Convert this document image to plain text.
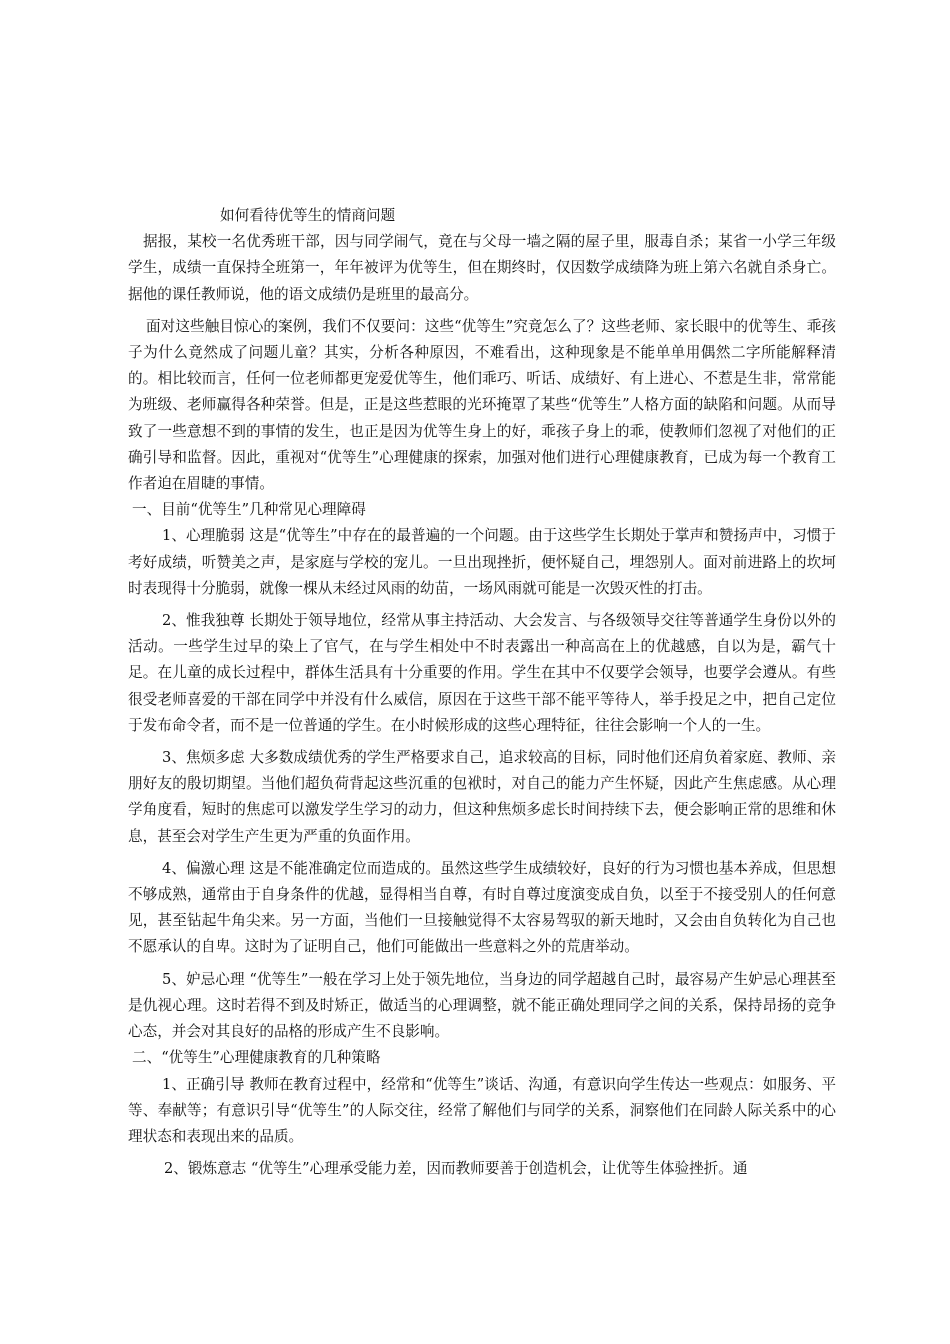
如何看待优等生的情商问题

据报，某校一名优秀班干部，因与同学闹气，竟在与父母一墙之隔的屋子里，服毒自杀；某省一小学三年级学生，成绩一直保持全班第一，年年被评为优等生，但在期终时，仅因数学成绩降为班上第六名就自杀身亡。据他的课任教师说，他的语文成绩仍是班里的最高分。

面对这些触目惊心的案例，我们不仅要问：这些“优等生”究竟怎么了？这些老师、家长眼中的优等生、乖孩子为什么竟然成了问题儿童？其实，分析各种原因，不难看出，这种现象是不能单单用偶然二字所能解释清的。相比较而言，任何一位老师都更宠爱优等生，他们乖巧、听话、成绩好、有上进心、不惹是生非，常常能为班级、老师赢得各种荣誉。但是，正是这些惹眼的光环掩罩了某些“优等生”人格方面的缺陷和问题。从而导致了一些意想不到的事情的发生，也正是因为优等生身上的好，乖孩子身上的乖，使教师们忽视了对他们的正确引导和监督。因此，重视对“优等生”心理健康的探索，加强对他们进行心理健康教育，已成为每一个教育工作者迫在眉睫的事情。

一、目前“优等生”几种常见心理障碍

1、心理脆弱 这是“优等生”中存在的最普遍的一个问题。由于这些学生长期处于掌声和赞扬声中，习惯于考好成绩，听赞美之声，是家庭与学校的宠儿。一旦出现挫折，便怀疑自己，埋怨别人。面对前进路上的坎坷时表现得十分脆弱，就像一棵从未经过风雨的幼苗，一场风雨就可能是一次毁灭性的打击。

2、惟我独尊 长期处于领导地位，经常从事主持活动、大会发言、与各级领导交往等普通学生身份以外的活动。一些学生过早的染上了官气，在与学生相处中不时表露出一种高高在上的优越感，自以为是，霸气十足。在儿童的成长过程中，群体生活具有十分重要的作用。学生在其中不仅要学会领导，也要学会遵从。有些很受老师喜爱的干部在同学中并没有什么威信，原因在于这些干部不能平等待人，举手投足之中，把自己定位于发布命令者，而不是一位普通的学生。在小时候形成的这些心理特征，往往会影响一个人的一生。

3、焦烦多虑 大多数成绩优秀的学生严格要求自己，追求较高的目标，同时他们还肩负着家庭、教师、亲朋好友的殷切期望。当他们超负荷背起这些沉重的包袱时，对自己的能力产生怀疑，因此产生焦虑感。从心理学角度看，短时的焦虑可以激发学生学习的动力，但这种焦烦多虑长时间持续下去，便会影响正常的思维和休息，甚至会对学生产生更为严重的负面作用。

4、偏激心理 这是不能准确定位而造成的。虽然这些学生成绩较好，良好的行为习惯也基本养成，但思想不够成熟，通常由于自身条件的优越，显得相当自尊，有时自尊过度演变成自负，以至于不接受别人的任何意见，甚至钻起牛角尖来。另一方面，当他们一旦接触觉得不太容易驾驭的新天地时，又会由自负转化为自己也不愿承认的自卑。这时为了证明自己，他们可能做出一些意料之外的荒唐举动。

5、妒忌心理 “优等生”一般在学习上处于领先地位，当身边的同学超越自己时，最容易产生妒忌心理甚至是仇视心理。这时若得不到及时矫正，做适当的心理调整，就不能正确处理同学之间的关系，保持昂扬的竞争心态，并会对其良好的品格的形成产生不良影响。

二、“优等生”心理健康教育的几种策略

1、正确引导 教师在教育过程中，经常和“优等生”谈话、沟通，有意识向学生传达一些观点：如服务、平等、奉献等；有意识引导“优等生”的人际交往，经常了解他们与同学的关系，洞察他们在同龄人际关系中的心理状态和表现出来的品质。

2、锻炼意志 “优等生”心理承受能力差，因而教师要善于创造机会，让优等生体验挫折。通
